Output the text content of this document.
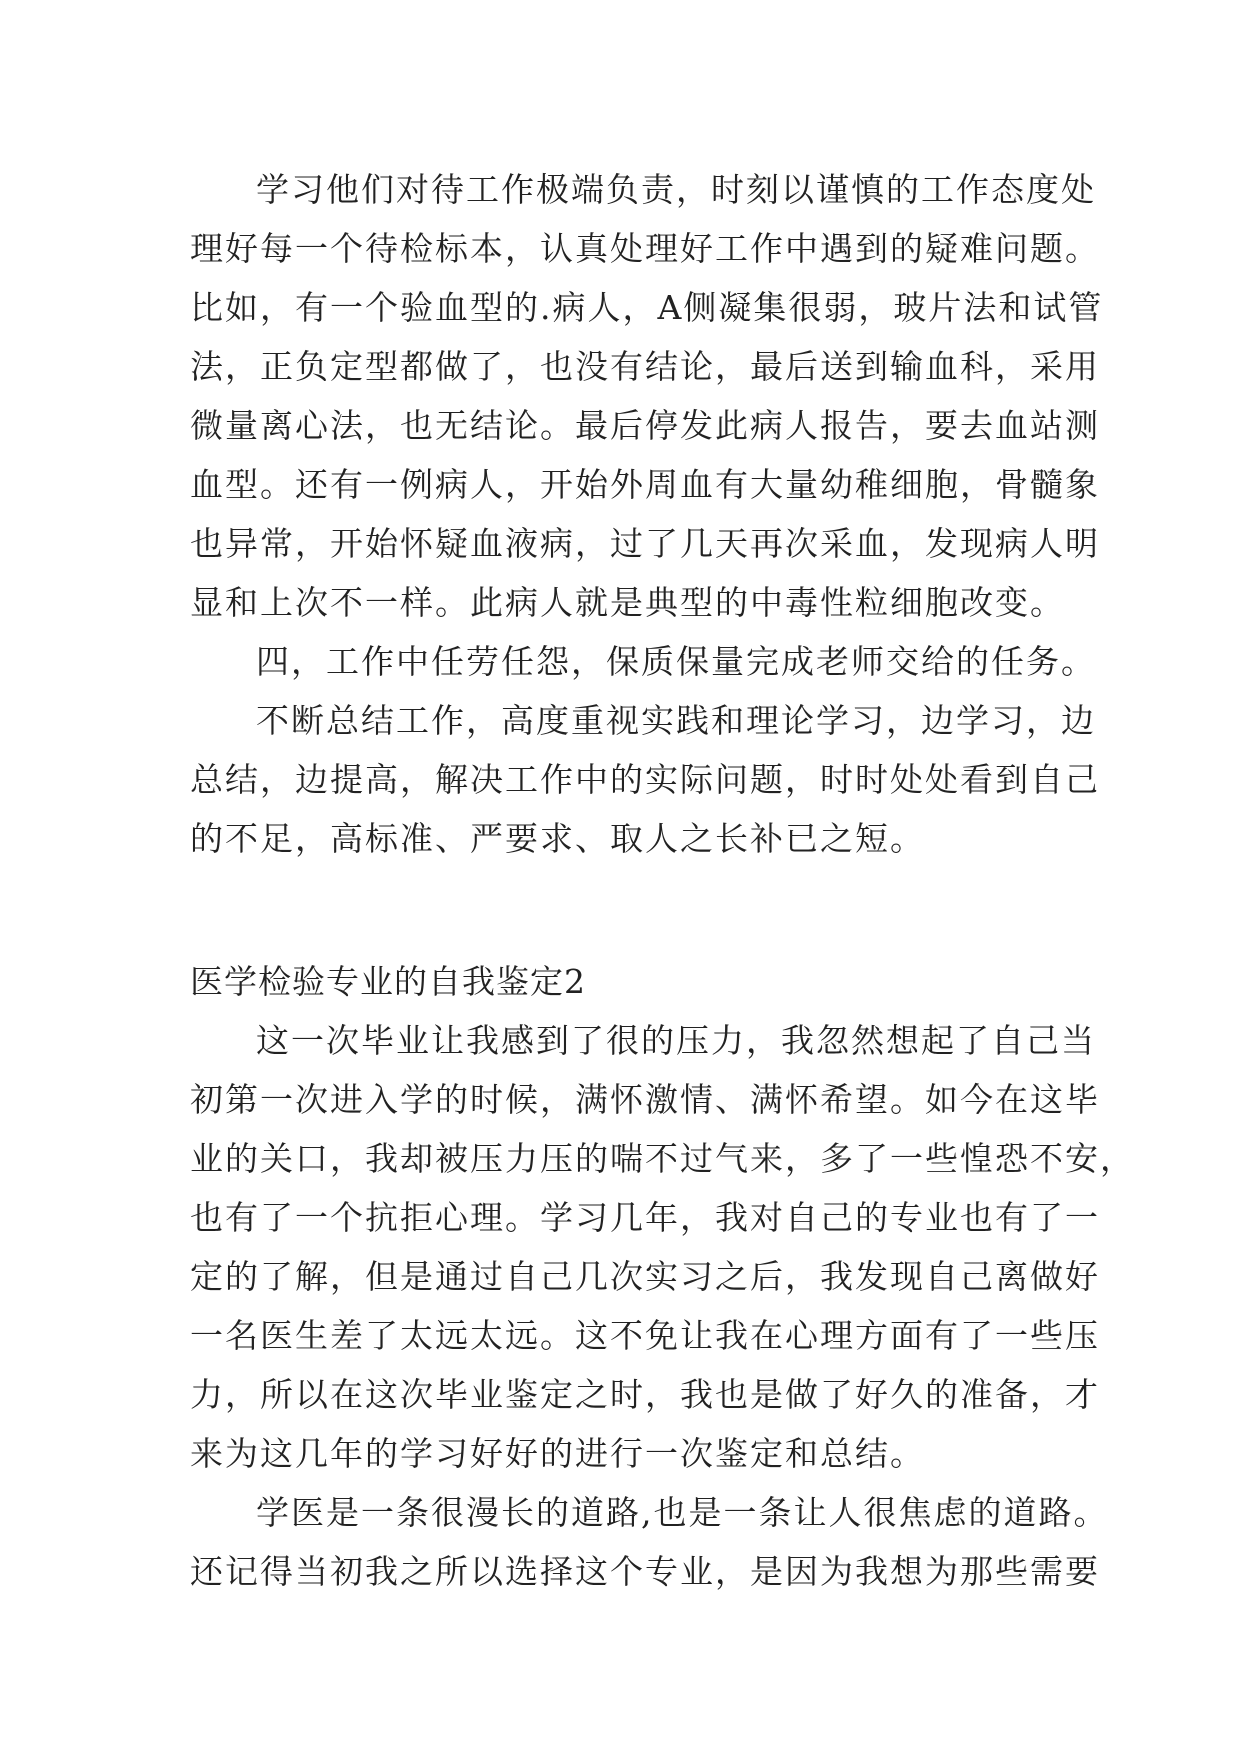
学习他们对待工作极端负责，时刻以谨慎的工作态度处
理好每一个待检标本，认真处理好工作中遇到的疑难问题。
比如，有一个验血型的.病人，A侧凝集很弱，玻片法和试管
法，正负定型都做了，也没有结论，最后送到输血科，采用
微量离心法，也无结论。最后停发此病人报告，要去血站测
血型。还有一例病人，开始外周血有大量幼稚细胞，骨髓象
也异常，开始怀疑血液病，过了几天再次采血，发现病人明
显和上次不一样。此病人就是典型的中毒性粒细胞改变。
四，工作中任劳任怨，保质保量完成老师交给的任务。
不断总结工作，高度重视实践和理论学习，边学习，边
总结，边提高，解决工作中的实际问题，时时处处看到自己
的不足，高标准、严要求、取人之长补已之短。
医学检验专业的自我鉴定2
这一次毕业让我感到了很的压力，我忽然想起了自己当
初第一次进入学的时候，满怀激情、满怀希望。如今在这毕
业的关口，我却被压力压的喘不过气来，多了一些惶恐不安，
也有了一个抗拒心理。学习几年，我对自己的专业也有了一
定的了解，但是通过自己几次实习之后，我发现自己离做好
一名医生差了太远太远。这不免让我在心理方面有了一些压
力，所以在这次毕业鉴定之时，我也是做了好久的准备，才
来为这几年的学习好好的进行一次鉴定和总结。
学医是一条很漫长的道路,也是一条让人很焦虑的道路。
还记得当初我之所以选择这个专业，是因为我想为那些需要
